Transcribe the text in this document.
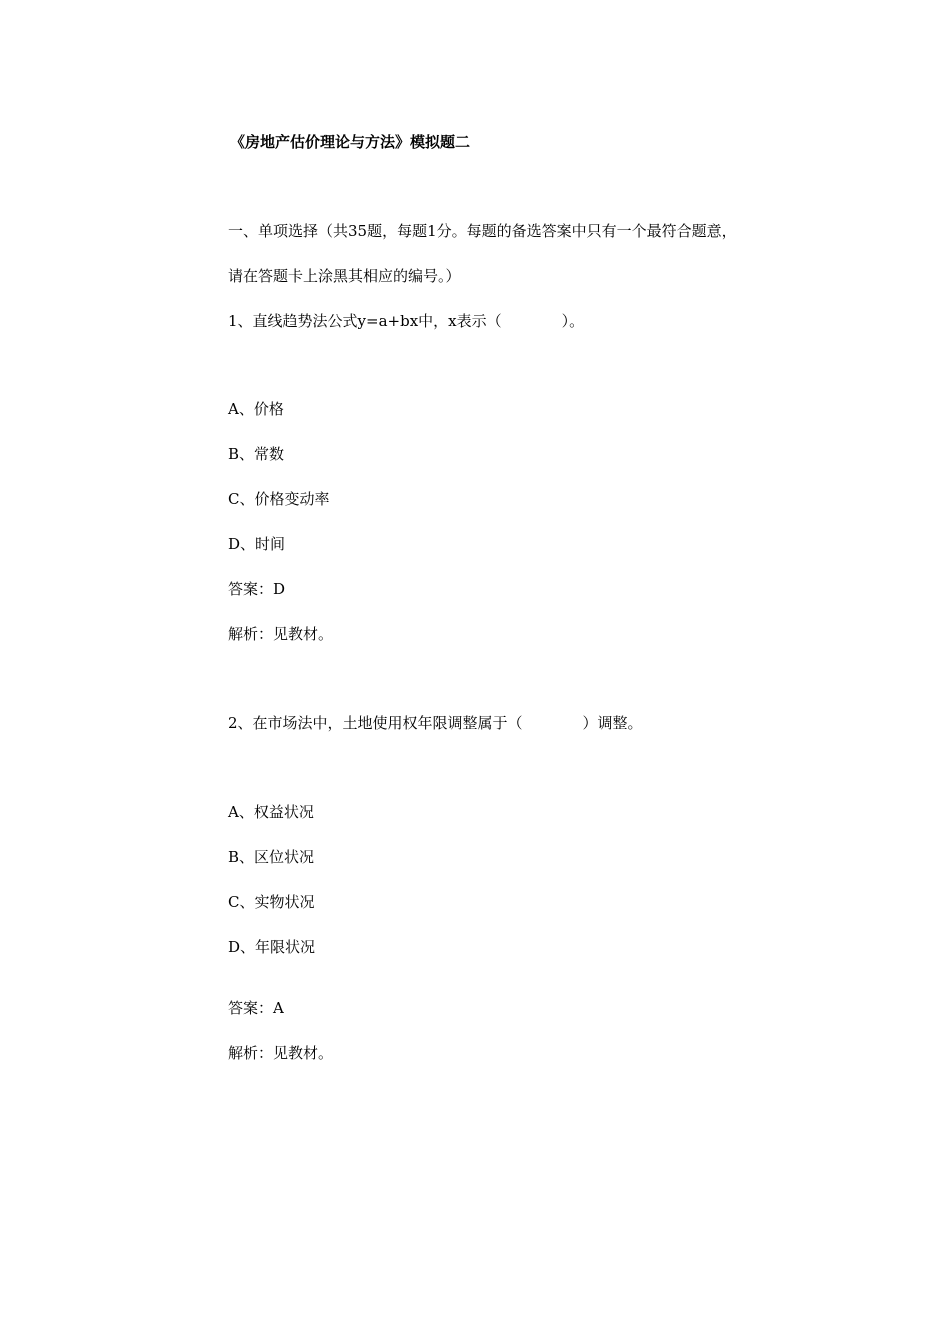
《房地产估价理论与方法》模拟题二
一、单项选择（共35题，每题1分。每题的备选答案中只有一个最符合题意，
请在答题卡上涂黑其相应的编号。）
1、直线趋势法公式y=a+bx中，x表示（　　　　）。
A、价格
B、常数
C、价格变动率
D、时间
答案：D
解析：见教材。
2、在市场法中，土地使用权年限调整属于（　　　　）调整。
A、权益状况
B、区位状况
C、实物状况
D、年限状况
答案：A
解析：见教材。
